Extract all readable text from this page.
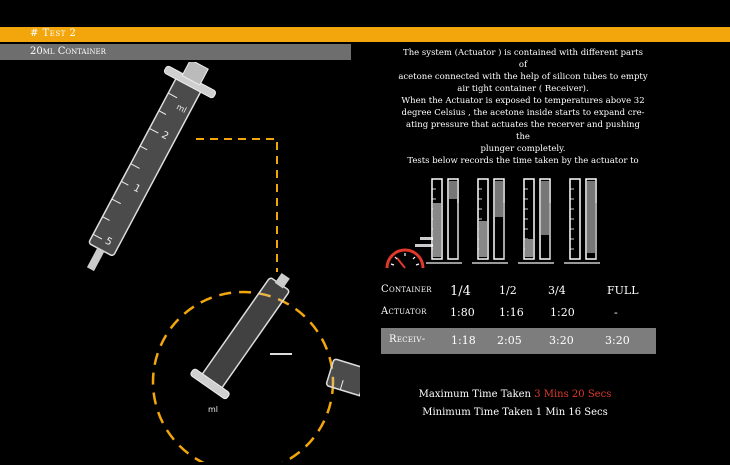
# Test 2
20ml Container
ml
2
1
5
ml
The system (Actuator ) is contained with different parts
of
acetone connected with the help of silicon tubes to empty
air tight container ( Receiver).
When the Actuator is exposed to temperatures above 32
degree Celsius , the acetone inside starts to expand cre-
ating pressure that actuates the recerver and pushing the
plunger completely.
Tests below records the time taken by the actuator to
Container 1/4	1/2	3/4	FULL
Actuator 1:80 1:16 1:20	-
Receiv- 1:18 2:05 3:20	3:20
Maximum Time Taken 3 Mins 20 Secs
Minimum Time Taken 1 Min 16 Secs
